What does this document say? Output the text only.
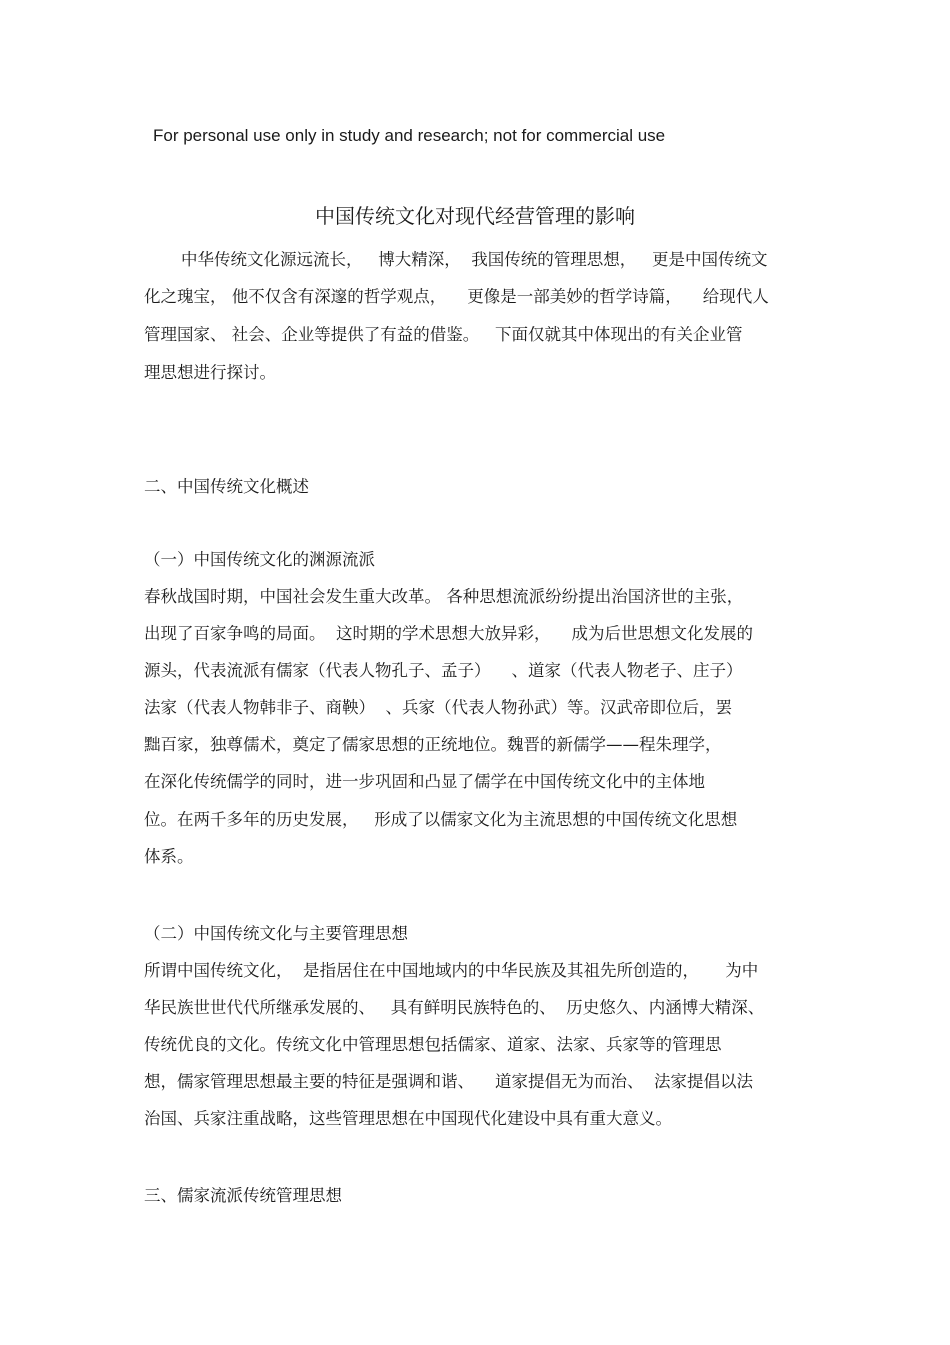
For personal use only in study and research; not for commercial use
中国传统文化对现代经营管理的影响
中华传统文化源远流长，   博大精深，  我国传统的管理思想，   更是中国传统文
化之瑰宝， 他不仅含有深邃的哲学观点，    更像是一部美妙的哲学诗篇，    给现代人
管理国家、 社会、企业等提供了有益的借鉴。   下面仅就其中体现出的有关企业管
理思想进行探讨。
二、中国传统文化概述
（一）中国传统文化的渊源流派
春秋战国时期，中国社会发生重大改革。 各种思想流派纷纷提出治国济世的主张，
出现了百家争鸣的局面。  这时期的学术思想大放异彩，    成为后世思想文化发展的
源头，代表流派有儒家（代表人物孔子、孟子）    、道家（代表人物老子、庄子）
法家（代表人物韩非子、商鞅）  、兵家（代表人物孙武）等。汉武帝即位后，罢
黜百家，独尊儒术，奠定了儒家思想的正统地位。魏晋的新儒学——程朱理学，
在深化传统儒学的同时，进一步巩固和凸显了儒学在中国传统文化中的主体地
位。在两千多年的历史发展，   形成了以儒家文化为主流思想的中国传统文化思想
体系。
（二）中国传统文化与主要管理思想
所谓中国传统文化，  是指居住在中国地域内的中华民族及其祖先所创造的，     为中
华民族世世代代所继承发展的、   具有鲜明民族特色的、  历史悠久、内涵博大精深、
传统优良的文化。传统文化中管理思想包括儒家、道家、法家、兵家等的管理思
想，儒家管理思想最主要的特征是强调和谐、    道家提倡无为而治、  法家提倡以法
治国、兵家注重战略，这些管理思想在中国现代化建设中具有重大意义。
三、儒家流派传统管理思想
